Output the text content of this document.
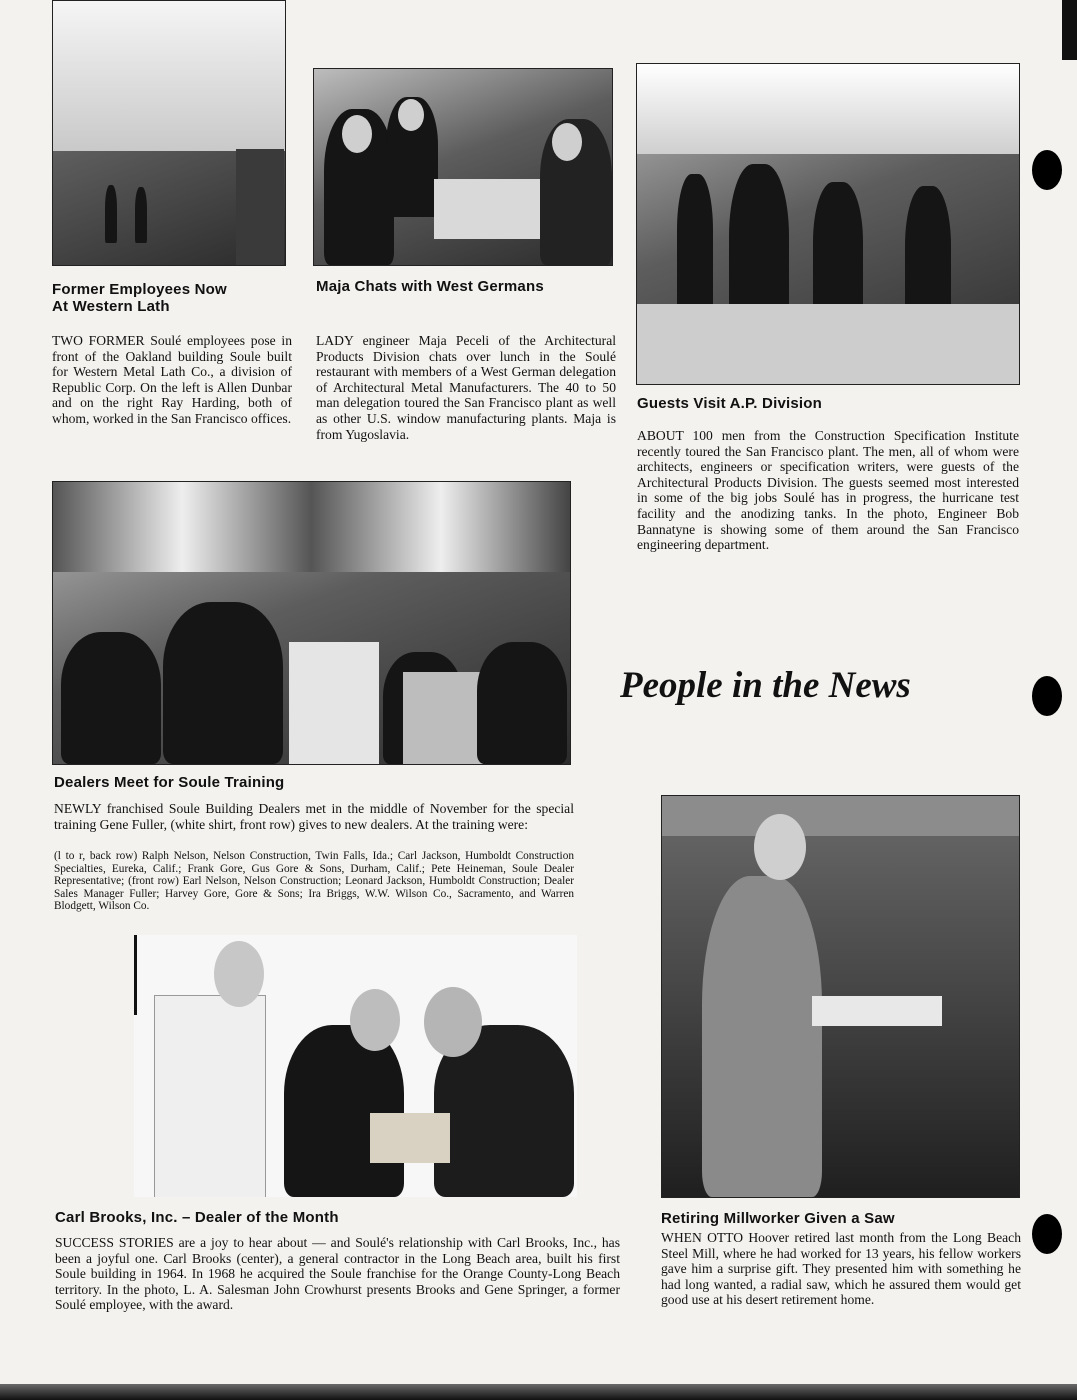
Former Employees Now
At Western Lath

TWO FORMER Soulé employees pose in front of the Oakland building Soule built for Western Metal Lath Co., a division of Republic Corp. On the left is Allen Dunbar and on the right Ray Harding, both of whom, worked in the San Francisco offices.

Maja Chats with West Germans

LADY engineer Maja Peceli of the Architectural Products Division chats over lunch in the Soulé restaurant with members of a West German delegation of Architectural Metal Manufacturers. The 40 to 50 man delegation toured the San Francisco plant as well as other U.S. window manufacturing plants. Maja is from Yugoslavia.

Guests Visit A.P. Division

ABOUT 100 men from the Construction Specification Institute recently toured the San Francisco plant. The men, all of whom were architects, engineers or specification writers, were guests of the Architectural Products Division. The guests seemed most interested in some of the big jobs Soulé has in progress, the hurricane test facility and the anodizing tanks. In the photo, Engineer Bob Bannatyne is showing some of them around the San Francisco engineering department.

People in the News
Dealers Meet for Soule Training

NEWLY franchised Soule Building Dealers met in the middle of November for the special training Gene Fuller, (white shirt, front row) gives to new dealers. At the training were:

(l to r, back row) Ralph Nelson, Nelson Construction, Twin Falls, Ida.; Carl Jackson, Humboldt Construction Specialties, Eureka, Calif.; Frank Gore, Gus Gore & Sons, Durham, Calif.; Pete Heineman, Soule Dealer Representative; (front row) Earl Nelson, Nelson Construction; Leonard Jackson, Humboldt Construction; Dealer Sales Manager Fuller; Harvey Gore, Gore & Sons; Ira Briggs, W.W. Wilson Co., Sacramento, and Warren Blodgett, Wilson Co.

Carl Brooks, Inc. – Dealer of the Month

SUCCESS STORIES are a joy to hear about — and Soulé's relationship with Carl Brooks, Inc., has been a joyful one. Carl Brooks (center), a general contractor in the Long Beach area, built his first Soule building in 1964. In 1968 he acquired the Soule franchise for the Orange County-Long Beach territory. In the photo, L. A. Salesman John Crowhurst presents Brooks and Gene Springer, a former Soulé employee, with the award.

Retiring Millworker Given a Saw

WHEN OTTO Hoover retired last month from the Long Beach Steel Mill, where he had worked for 13 years, his fellow workers gave him a surprise gift. They presented him with something he had long wanted, a radial saw, which he assured them would get good use at his desert retirement home.
